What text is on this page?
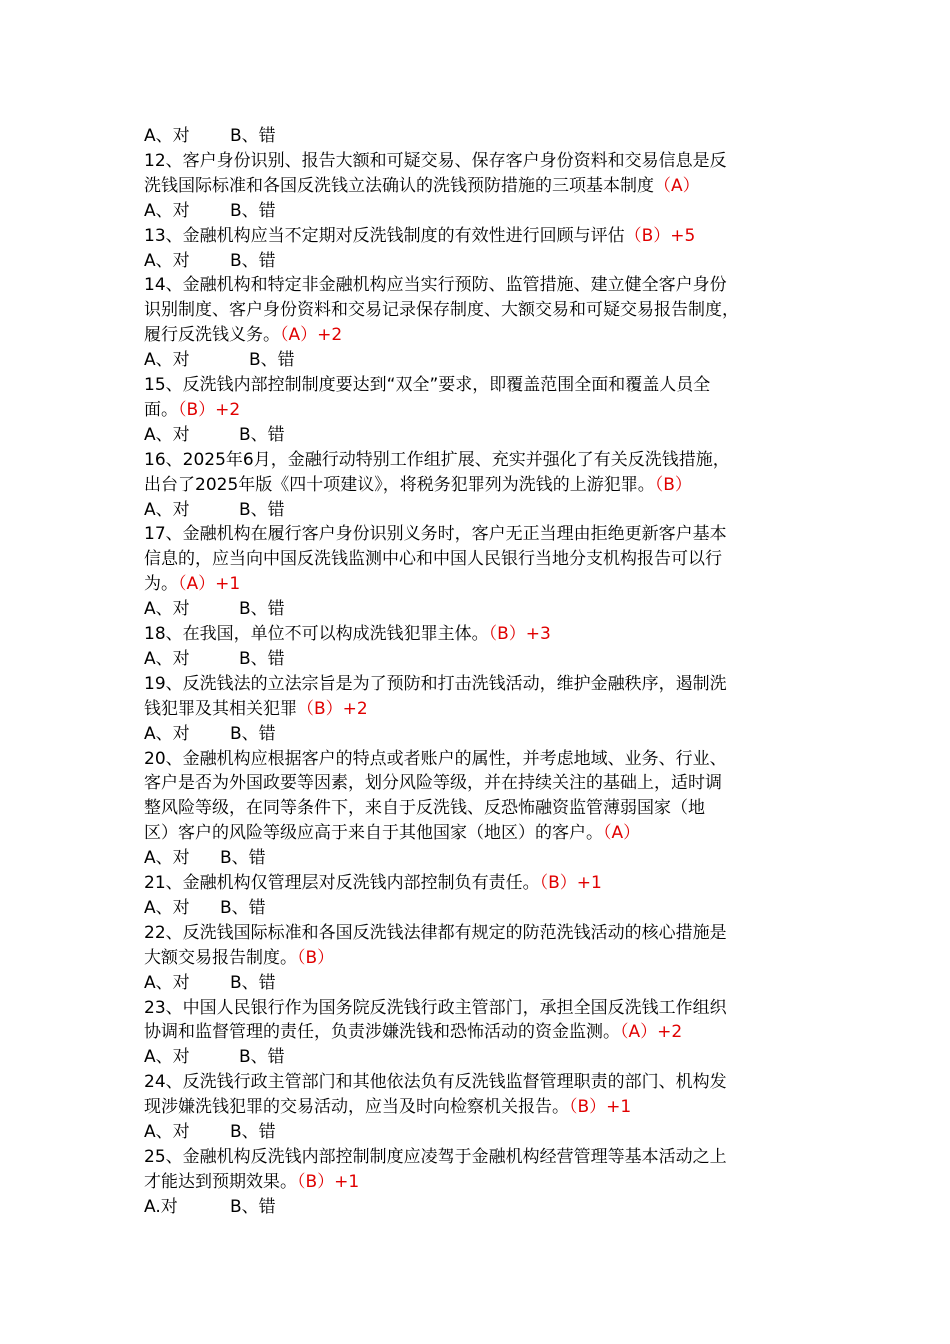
A、对 B、错
12、客户身份识别、报告大额和可疑交易、保存客户身份资料和交易信息是反
洗钱国际标准和各国反洗钱立法确认的洗钱预防措施的三项基本制度（A）
A、对 B、错
13、金融机构应当不定期对反洗钱制度的有效性进行回顾与评估（B）+5
A、对 B、错
14、金融机构和特定非金融机构应当实行预防、监管措施、建立健全客户身份
识别制度、客户身份资料和交易记录保存制度、大额交易和可疑交易报告制度，
履行反洗钱义务。（A）+2
A、对	B、错
15、反洗钱内部控制制度要达到“双全”要求，即覆盖范围全面和覆盖人员全
面。（B）+2
A、对	B、错
16、2025年6月，金融行动特别工作组扩展、充实并强化了有关反洗钱措施，
出台了2025年版《四十项建议》，将税务犯罪列为洗钱的上游犯罪。（B）
A、对	B、错
17、金融机构在履行客户身份识别义务时，客户无正当理由拒绝更新客户基本
信息的，应当向中国反洗钱监测中心和中国人民银行当地分支机构报告可以行
为。（A）+1
A、对	B、错
18、在我国，单位不可以构成洗钱犯罪主体。（B）+3
A、对	B、错
19、反洗钱法的立法宗旨是为了预防和打击洗钱活动，维护金融秩序，遏制洗
钱犯罪及其相关犯罪（B）+2
A、对 B、错
20、金融机构应根据客户的特点或者账户的属性，并考虑地域、业务、行业、
客户是否为外国政要等因素，划分风险等级，并在持续关注的基础上，适时调
整风险等级，在同等条件下，来自于反洗钱、反恐怖融资监管薄弱国家（地
区）客户的风险等级应高于来自于其他国家（地区）的客户。（A）
A、对 B、错
21、金融机构仅管理层对反洗钱内部控制负有责任。（B）+1
A、对 B、错
22、反洗钱国际标准和各国反洗钱法律都有规定的防范洗钱活动的核心措施是
大额交易报告制度。（B）
A、对 B、错
23、中国人民银行作为国务院反洗钱行政主管部门，承担全国反洗钱工作组织
协调和监督管理的责任，负责涉嫌洗钱和恐怖活动的资金监测。（A）+2
A、对	B、错
24、反洗钱行政主管部门和其他依法负有反洗钱监督管理职责的部门、机构发
现涉嫌洗钱犯罪的交易活动，应当及时向检察机关报告。（B）+1
A、对 B、错
25、金融机构反洗钱内部控制制度应凌驾于金融机构经营管理等基本活动之上
才能达到预期效果。（B）+1
A.对	B、错
